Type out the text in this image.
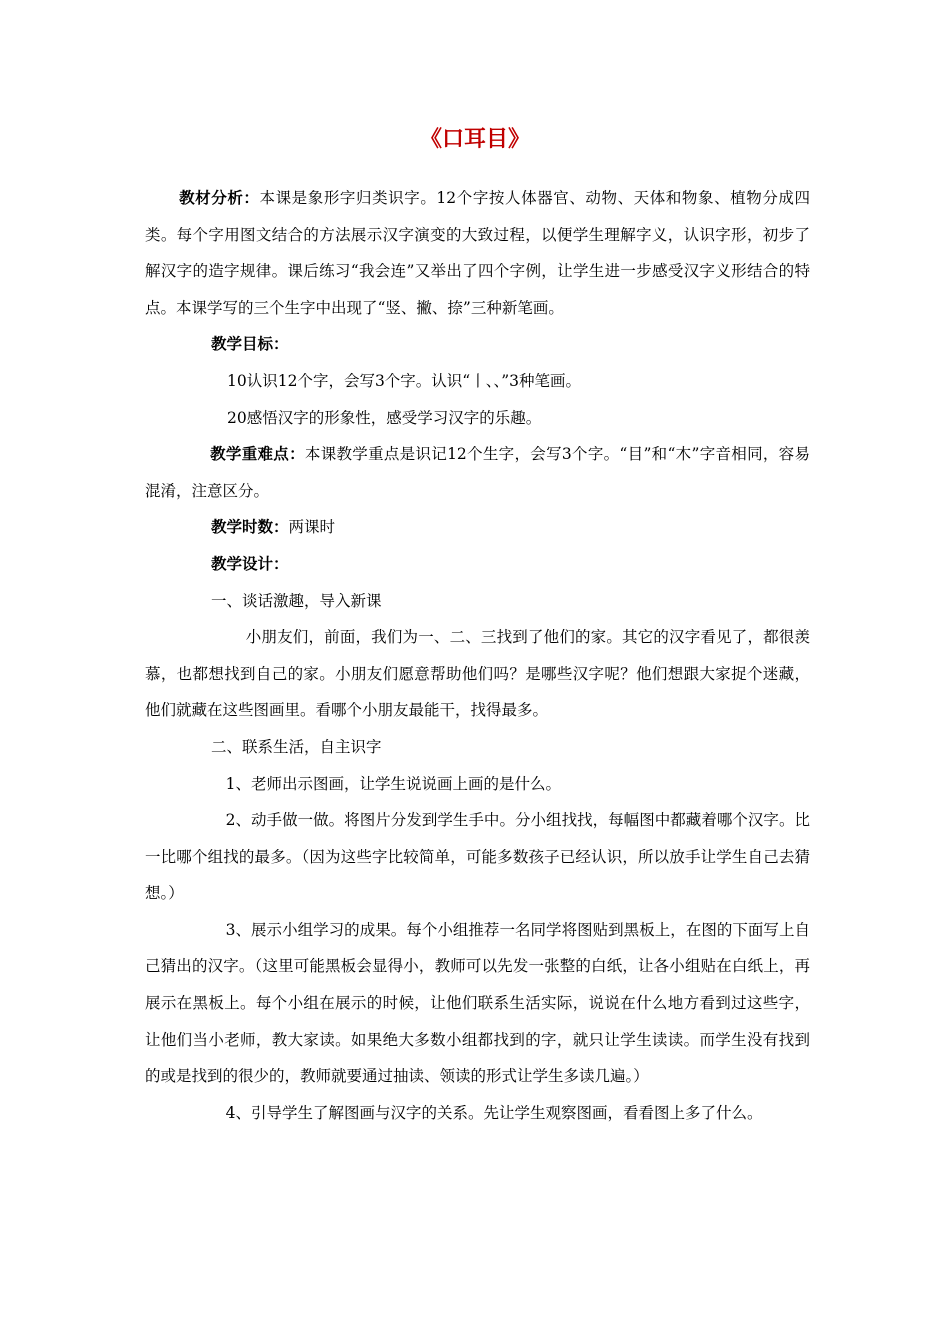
《口耳目》

教材分析：本课是象形字归类识字。12个字按人体器官、动物、天体和物象、植物分成四类。每个字用图文结合的方法展示汉字演变的大致过程，以便学生理解字义，认识字形，初步了解汉字的造字规律。课后练习“我会连”又举出了四个字例，让学生进一步感受汉字义形结合的特点。本课学写的三个生字中出现了“竖、撇、捺”三种新笔画。

教学目标：

10认识12个字，会写3个字。认识“丨、、”3种笔画。

20感悟汉字的形象性，感受学习汉字的乐趣。

教学重难点：本课教学重点是识记12个生字，会写3个字。“目”和“木”字音相同，容易混淆，注意区分。

教学时数：两课时

教学设计：

一、谈话激趣，导入新课

小朋友们，前面，我们为一、二、三找到了他们的家。其它的汉字看见了，都很羡慕，也都想找到自己的家。小朋友们愿意帮助他们吗？是哪些汉字呢？他们想跟大家捉个迷藏，他们就藏在这些图画里。看哪个小朋友最能干，找得最多。

二、联系生活，自主识字

1、老师出示图画，让学生说说画上画的是什么。

2、动手做一做。将图片分发到学生手中。分小组找找，每幅图中都藏着哪个汉字。比一比哪个组找的最多。（因为这些字比较简单，可能多数孩子已经认识，所以放手让学生自己去猜想。）

3、展示小组学习的成果。每个小组推荐一名同学将图贴到黑板上，在图的下面写上自己猜出的汉字。（这里可能黑板会显得小，教师可以先发一张整的白纸，让各小组贴在白纸上，再展示在黑板上。每个小组在展示的时候，让他们联系生活实际，说说在什么地方看到过这些字，让他们当小老师，教大家读。如果绝大多数小组都找到的字，就只让学生读读。而学生没有找到的或是找到的很少的，教师就要通过抽读、领读的形式让学生多读几遍。）

4、引导学生了解图画与汉字的关系。先让学生观察图画，看看图上多了什么。
